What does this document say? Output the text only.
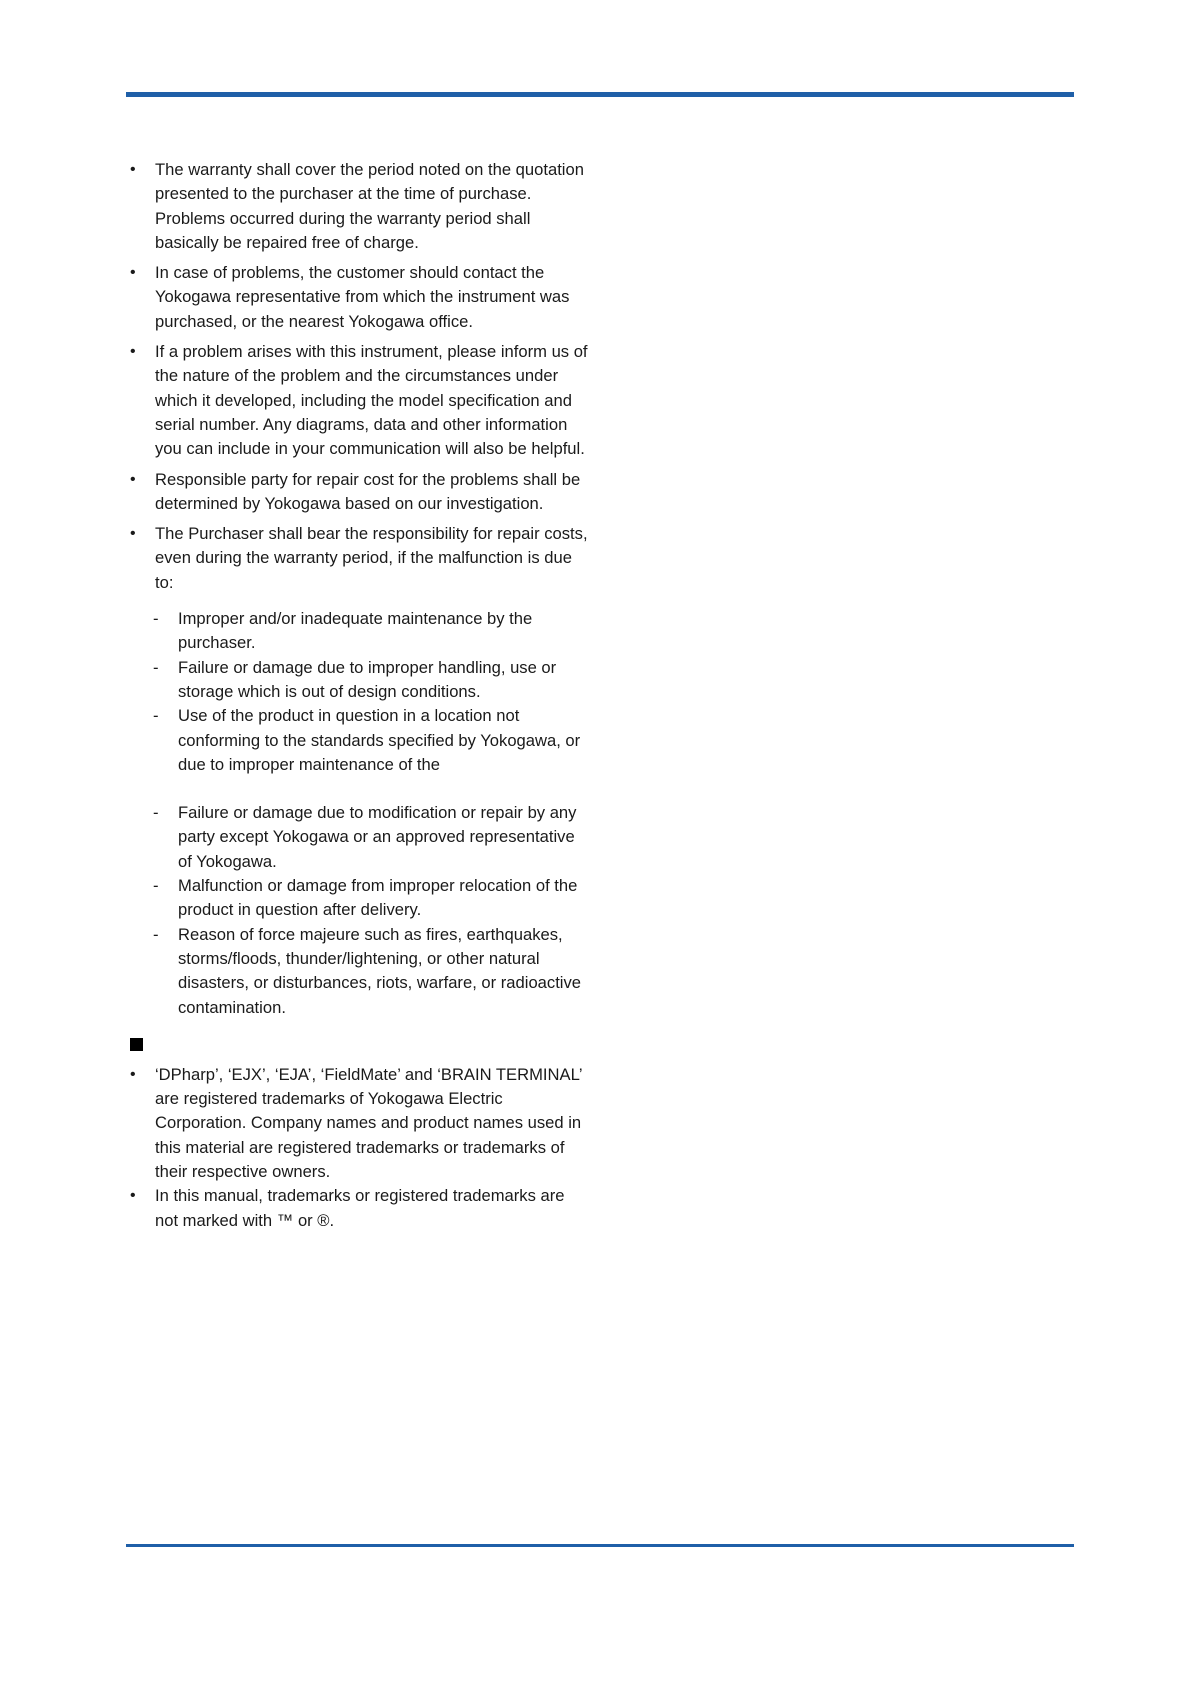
• The warranty shall cover the period noted on the quotation presented to the purchaser at the time of purchase. Problems occurred during the warranty period shall basically be repaired free of charge.
• In case of problems, the customer should contact the Yokogawa representative from which the instrument was purchased, or the nearest Yokogawa office.
• If a problem arises with this instrument, please inform us of the nature of the problem and the circumstances under which it developed, including the model specification and serial number. Any diagrams, data and other information you can include in your communication will also be helpful.
• Responsible party for repair cost for the problems shall be determined by Yokogawa based on our investigation.
• The Purchaser shall bear the responsibility for repair costs, even during the warranty period, if the malfunction is due to:
- Improper and/or inadequate maintenance by the purchaser.
- Failure or damage due to improper handling, use or storage which is out of design conditions.
- Use of the product in question in a location not conforming to the standards specified by Yokogawa, or due to improper maintenance of the
- Failure or damage due to modification or repair by any party except Yokogawa or an approved representative of Yokogawa.
- Malfunction or damage from improper relocation of the product in question after delivery.
- Reason of force majeure such as fires, earthquakes, storms/floods, thunder/lightening, or other natural disasters, or disturbances, riots, warfare, or radioactive contamination.
• ‘DPharp’, ‘EJX’, ‘EJA’, ‘FieldMate’ and ‘BRAIN TERMINAL’ are registered trademarks of Yokogawa Electric Corporation. Company names and product names used in this material are registered trademarks or trademarks of their respective owners.
• In this manual, trademarks or registered trademarks are not marked with ™ or ®.
